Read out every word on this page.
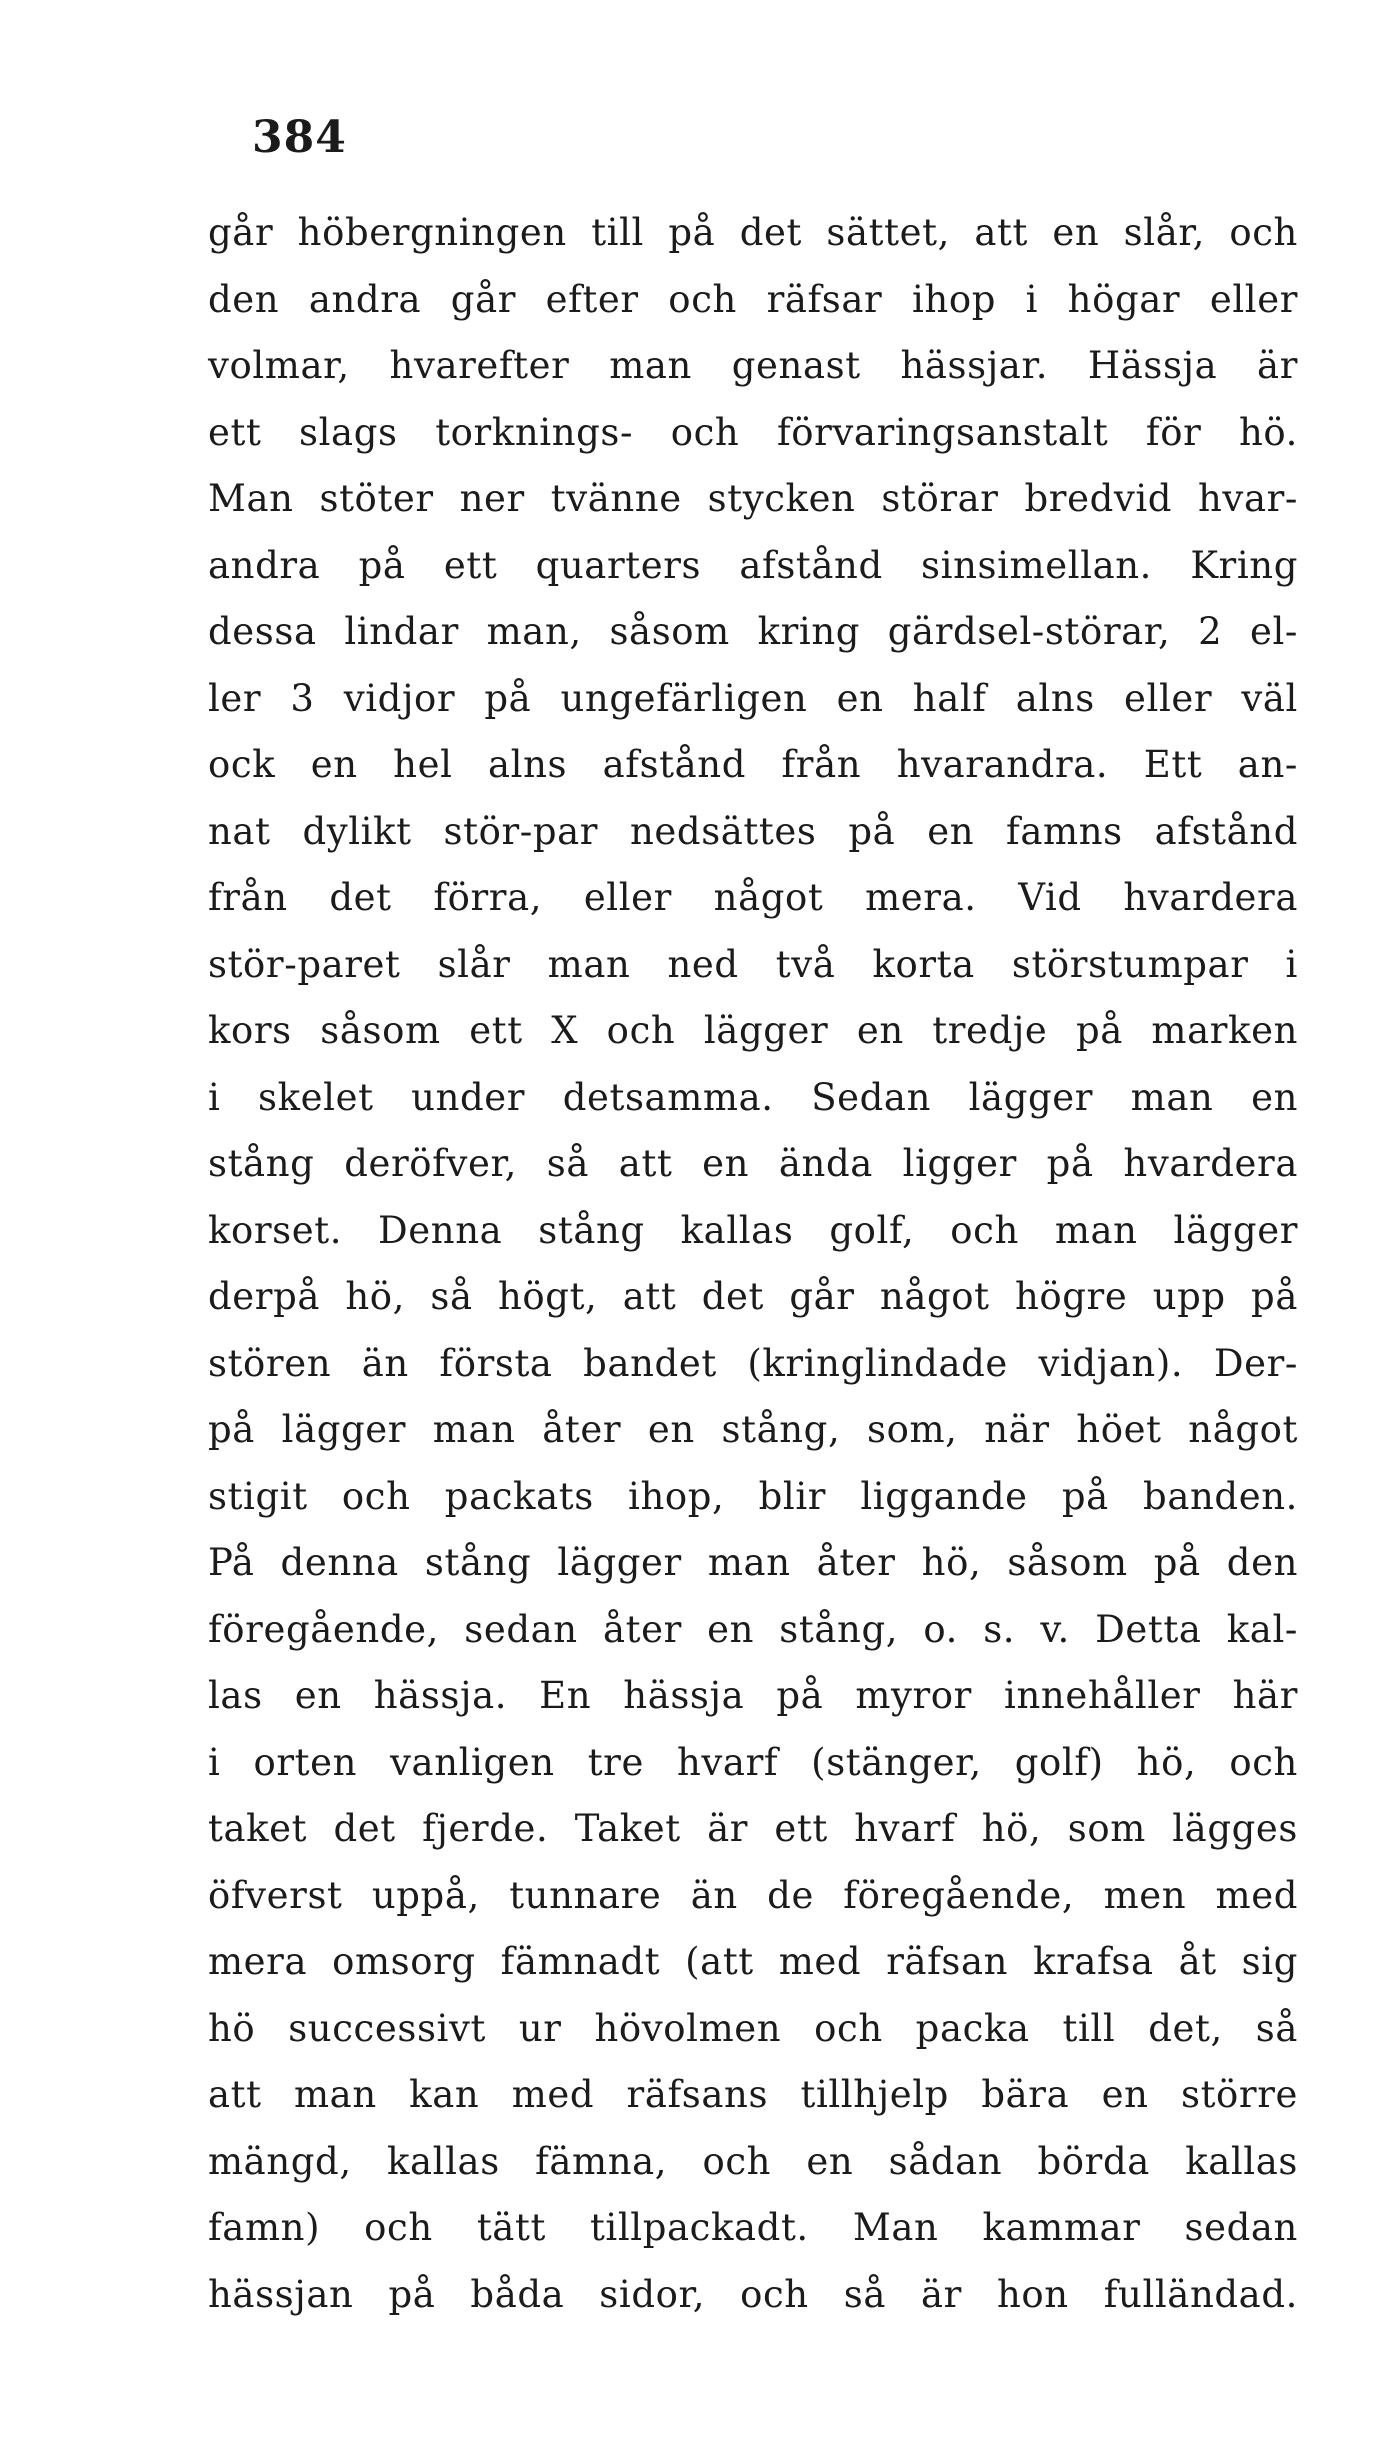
384
går höbergningen till på det sättet, att en slår, och
den andra går efter och räfsar ihop i högar eller
volmar, hvarefter man genast hässjar. Hässja är
ett slags torknings- och förvaringsanstalt för hö.
Man stöter ner tvänne stycken störar bredvid hvar-
andra på ett quarters afstånd sinsimellan. Kring
dessa lindar man, såsom kring gärdsel-störar, 2 el-
ler 3 vidjor på ungefärligen en half alns eller väl
ock en hel alns afstånd från hvarandra. Ett an-
nat dylikt stör-par nedsättes på en famns afstånd
från det förra, eller något mera. Vid hvardera
stör-paret slår man ned två korta störstumpar i
kors såsom ett X och lägger en tredje på marken
i skelet under detsamma. Sedan lägger man en
stång deröfver, så att en ända ligger på hvardera
korset. Denna stång kallas golf, och man lägger
derpå hö, så högt, att det går något högre upp på
stören än första bandet (kringlindade vidjan). Der-
på lägger man åter en stång, som, när höet något
stigit och packats ihop, blir liggande på banden.
På denna stång lägger man åter hö, såsom på den
föregående, sedan åter en stång, o. s. v. Detta kal-
las en hässja. En hässja på myror innehåller här
i orten vanligen tre hvarf (stänger, golf) hö, och
taket det fjerde. Taket är ett hvarf hö, som lägges
öfverst uppå, tunnare än de föregående, men med
mera omsorg fämnadt (att med räfsan krafsa åt sig
hö successivt ur hövolmen och packa till det, så
att man kan med räfsans tillhjelp bära en större
mängd, kallas fämna, och en sådan börda kallas
famn) och tätt tillpackadt. Man kammar sedan
hässjan på båda sidor, och så är hon fulländad.
